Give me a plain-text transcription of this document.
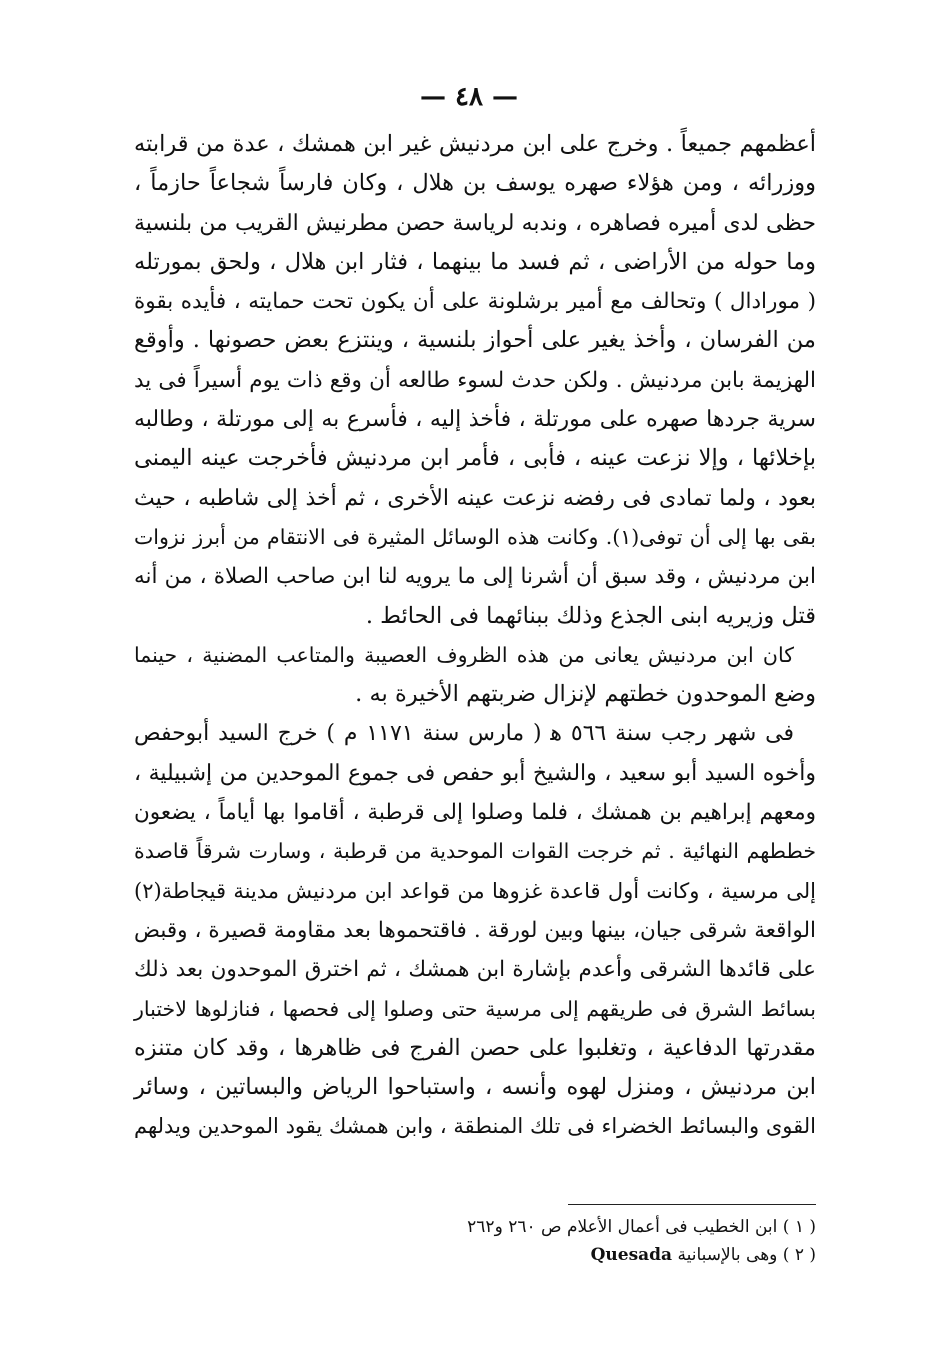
— ٤٨ —
أعظمهم جميعاً . وخرج على ابن مردنيش غير ابن همشك ، عدة من قرابته
ووزرائه ، ومن هؤلاء صهره يوسف بن هلال ، وكان فارساً شجاعاً حازماً ،
حظى لدى أميره فصاهره ، وندبه لرياسة حصن مطرنيش القريب من بلنسية
وما حوله من الأراضى ، ثم فسد ما بينهما ، فثار ابن هلال ، ولحق بمورتله
( مورادال ) وتحالف مع أمير برشلونة على أن يكون تحت حمايته ، فأيده بقوة
من الفرسان ، وأخذ يغير على أحواز بلنسية ، وينتزع بعض حصونها . وأوقع
الهزيمة بابن مردنيش . ولكن حدث لسوء طالعه أن وقع ذات يوم أسيراً فى يد
سرية جردها صهره على مورتلة ، فأخذ إليه ، فأسرع به إلى مورتلة ، وطالبه
بإخلائها ، وإلا نزعت عينه ، فأبى ، فأمر ابن مردنيش فأخرجت عينه اليمنى
بعود ، ولما تمادى فى رفضه نزعت عينه الأخرى ، ثم أخذ إلى شاطبه ، حيث
بقى بها إلى أن توفى(١). وكانت هذه الوسائل المثيرة فى الانتقام من أبرز نزوات
ابن مردنيش ، وقد سبق أن أشرنا إلى ما يرويه لنا ابن صاحب الصلاة ، من أنه
قتل وزيريه ابنى الجذع وذلك ببنائهما فى الحائط .
كان ابن مردنيش يعانى من هذه الظروف العصيبة والمتاعب المضنية ، حينما
وضع الموحدون خطتهم لإنزال ضربتهم الأخيرة به .
فى شهر رجب سنة ٥٦٦ ﻫ ( مارس سنة ١١٧١ م ) خرج السيد أبوحفص
وأخوه السيد أبو سعيد ، والشيخ أبو حفص فى جموع الموحدين من إشبيلية ،
ومعهم إبراهيم بن همشك ، فلما وصلوا إلى قرطبة ، أقاموا بها أياماً ، يضعون
خططهم النهائية . ثم خرجت القوات الموحدية من قرطبة ، وسارت شرقاً قاصدة
إلى مرسية ، وكانت أول قاعدة غزوها من قواعد ابن مردنيش مدينة قيجاطة(٢)
الواقعة شرقى جيان، بينها وبين لورقة . فاقتحموها بعد مقاومة قصيرة ، وقبض
على قائدها الشرقى وأعدم بإشارة ابن همشك ، ثم اخترق الموحدون بعد ذلك
بسائط الشرق فى طريقهم إلى مرسية حتى وصلوا إلى فحصها ، فنازلوها لاختبار
مقدرتها الدفاعية ، وتغلبوا على حصن الفرج فى ظاهرها ، وقد كان متنزه
ابن مردنيش ، ومنزل لهوه وأنسه ، واستباحوا الرياض والبساتين ، وسائر
القوى والبسائط الخضراء فى تلك المنطقة ، وابن همشك يقود الموحدين ويدلهم
( ١ ) ابن الخطيب فى أعمال الأعلام ص ٢٦٠ و٢٦٢
( ٢ ) وهى بالإسبانية Quesada
